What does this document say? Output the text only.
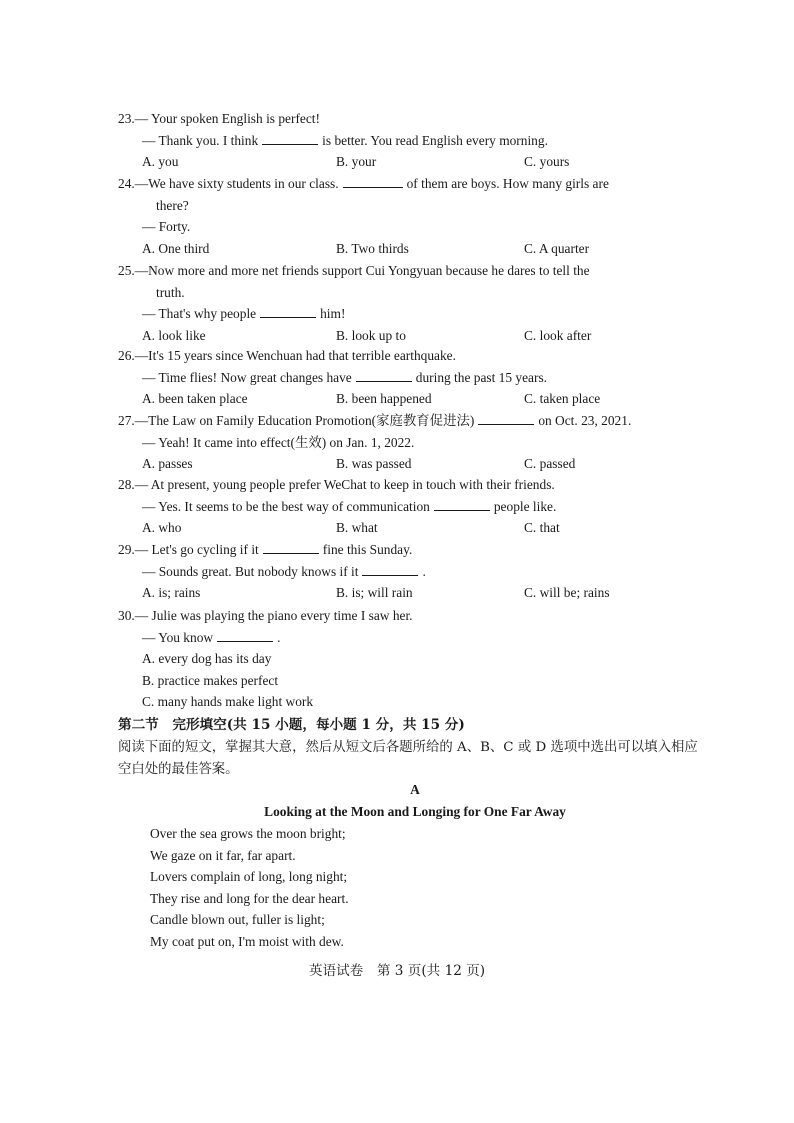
23.— Your spoken English is perfect!
— Thank you. I think	is better. You read English every morning.
A. you	B. your	C. yours
24.—We have sixty students in our class.	of them are boys. How many girls are
there?
— Forty.
A. One third	B. Two thirds	C. A quarter
25.—Now more and more net friends support Cui Yongyuan because he dares to tell the
truth.
— That's why people	him!
A. look like	B. look up to	C. look after
26.—It's 15 years since Wenchuan had that terrible earthquake.
— Time flies! Now great changes have	during the past 15 years.
A. been taken place	B. been happened	C. taken place
27.—The Law on Family Education Promotion(家庭教育促进法)	on Oct. 23, 2021.
— Yeah! It came into effect(生效) on Jan. 1, 2022.
A. passes	B. was passed	C. passed
28.— At present, young people prefer WeChat to keep in touch with their friends.
— Yes. It seems to be the best way of communication	people like.
A. who	B. what	C. that
29.— Let's go cycling if it	fine this Sunday.
— Sounds great. But nobody knows if it	.
A. is; rains	B. is; will rain	C. will be; rains
30.— Julie was playing the piano every time I saw her.
— You know	.
A. every dog has its day
B. practice makes perfect
C. many hands make light work
第二节　完形填空(共 15 小题，每小题 1 分，共 15 分)
阅读下面的短文，掌握其大意，然后从短文后各题所给的 A、B、C 或 D 选项中选出可以填入相应空白处的最佳答案。
A
Looking at the Moon and Longing for One Far Away
Over the sea grows the moon bright;
We gaze on it far, far apart.
Lovers complain of long, long night;
They rise and long for the dear heart.
Candle blown out, fuller is light;
My coat put on, I'm moist with dew.
英语试卷　第 3 页(共 12 页)
